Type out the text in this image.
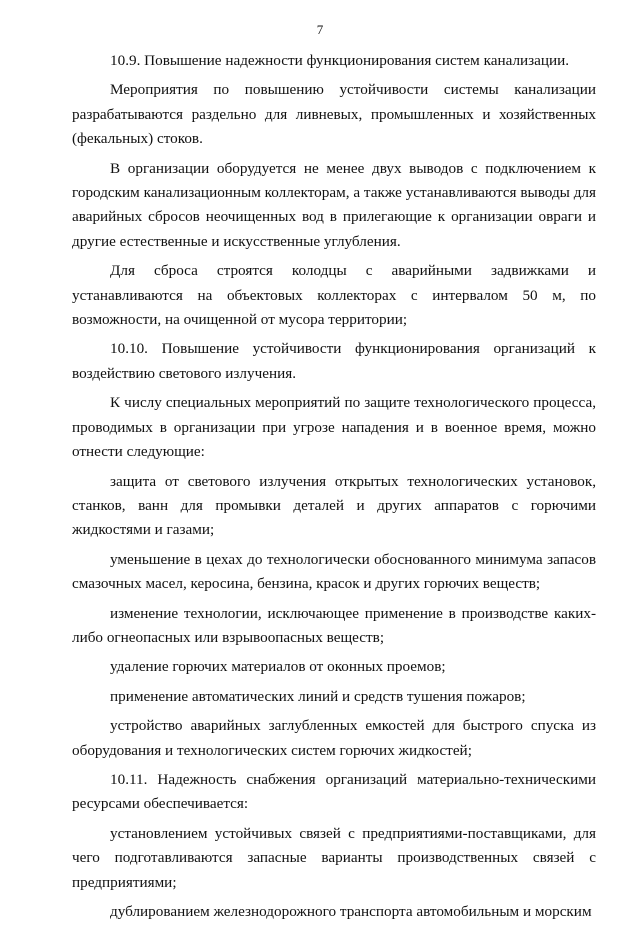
7

10.9. Повышение надежности функционирования систем канализации.

Мероприятия по повышению устойчивости системы канализации разрабатываются раздельно для ливневых, промышленных и хозяйственных (фекальных) стоков.

В организации оборудуется не менее двух выводов с подключением к городским канализационным коллекторам, а также устанавливаются выводы для аварийных сбросов неочищенных вод в прилегающие к организации овраги и другие естественные и искусственные углубления.

Для сброса строятся колодцы с аварийными задвижками и устанавливаются на объектовых коллекторах с интервалом 50 м, по возможности, на очищенной от мусора территории;

10.10. Повышение устойчивости функционирования организаций к воздействию светового излучения.

К числу специальных мероприятий по защите технологического процесса, проводимых в организации при угрозе нападения и в военное время, можно отнести следующие:

защита от светового излучения открытых технологических установок, станков, ванн для промывки деталей и других аппаратов с горючими жидкостями и газами;

уменьшение в цехах до технологически обоснованного минимума запасов смазочных масел, керосина, бензина, красок и других горючих веществ;

изменение технологии, исключающее применение в производстве каких-либо огнеопасных или взрывоопасных веществ;

удаление горючих материалов от оконных проемов;

применение автоматических линий и средств тушения пожаров;

устройство аварийных заглубленных емкостей для быстрого спуска из оборудования и технологических систем горючих жидкостей;

10.11. Надежность снабжения организаций материально-техническими ресурсами обеспечивается:

установлением устойчивых связей с предприятиями-поставщиками, для чего подготавливаются запасные варианты производственных связей с предприятиями;

дублированием железнодорожного транспорта автомобильным и морским
